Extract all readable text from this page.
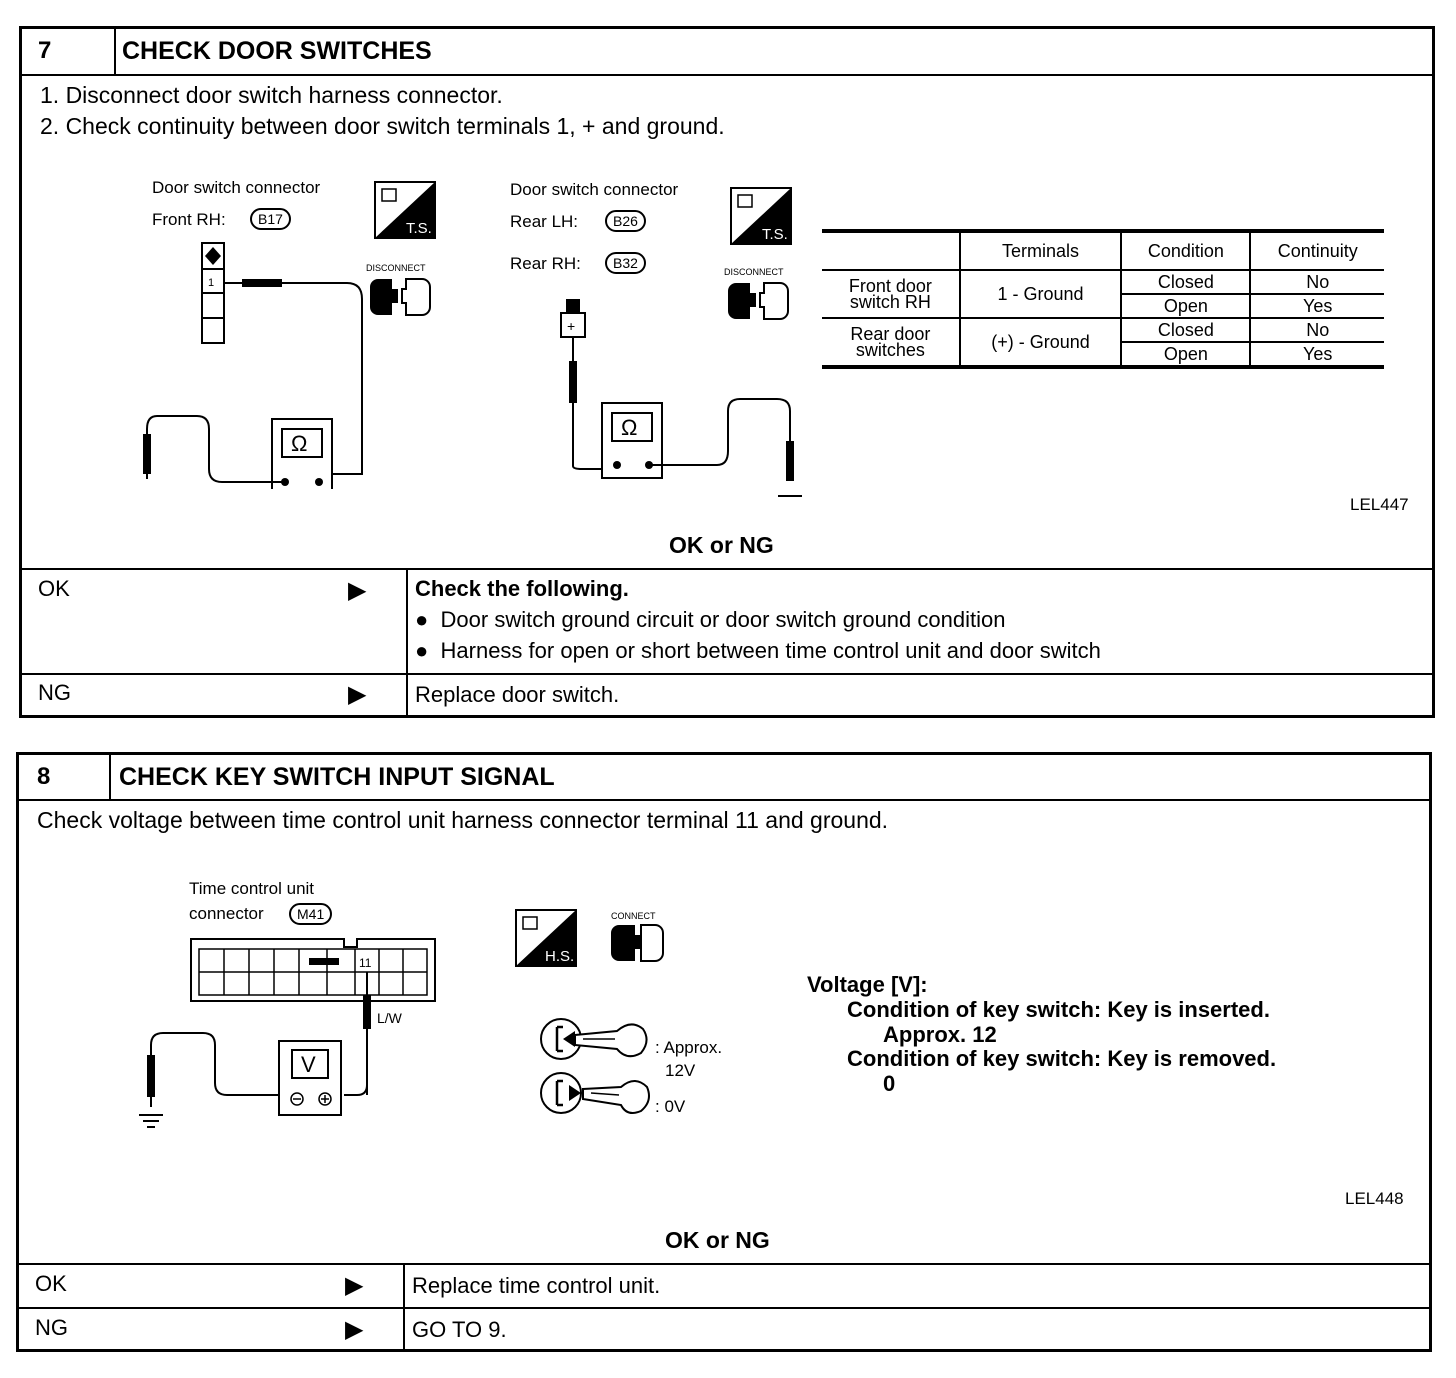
7	CHECK DOOR SWITCHES
1. Disconnect door switch harness connector.
2. Check continuity between door switch terminals 1, + and ground.
Door switch connector
Front RH:	B17
1
Ω
T.S.
DISCONNECT
Door switch connector
Rear LH:	B26
Rear RH:	B32
+
Ω
T.S.
DISCONNECT
	Terminals	Condition	Continuity
Front door
switch RH	1 - Ground	Closed	No
		Open	Yes
Rear door
switches	(+) - Ground	Closed	No
		Open	Yes
LEL447
OK or NG
OK	▶ Check the following.
●  Door switch ground circuit or door switch ground condition
●  Harness for open or short between time control unit and door switch
NG	▶ Replace door switch.
8	CHECK KEY SWITCH INPUT SIGNAL
Check voltage between time control unit harness connector terminal 11 and ground.
Time control unit
connector	M41
11
L/W
V
H.S.
CONNECT
: Approx.
12V
: 0V
Voltage [V]:
Condition of key switch: Key is inserted.
Approx. 12
Condition of key switch: Key is removed.
0
LEL448
OK or NG
OK	▶ Replace time control unit.
NG	▶ GO TO 9.
